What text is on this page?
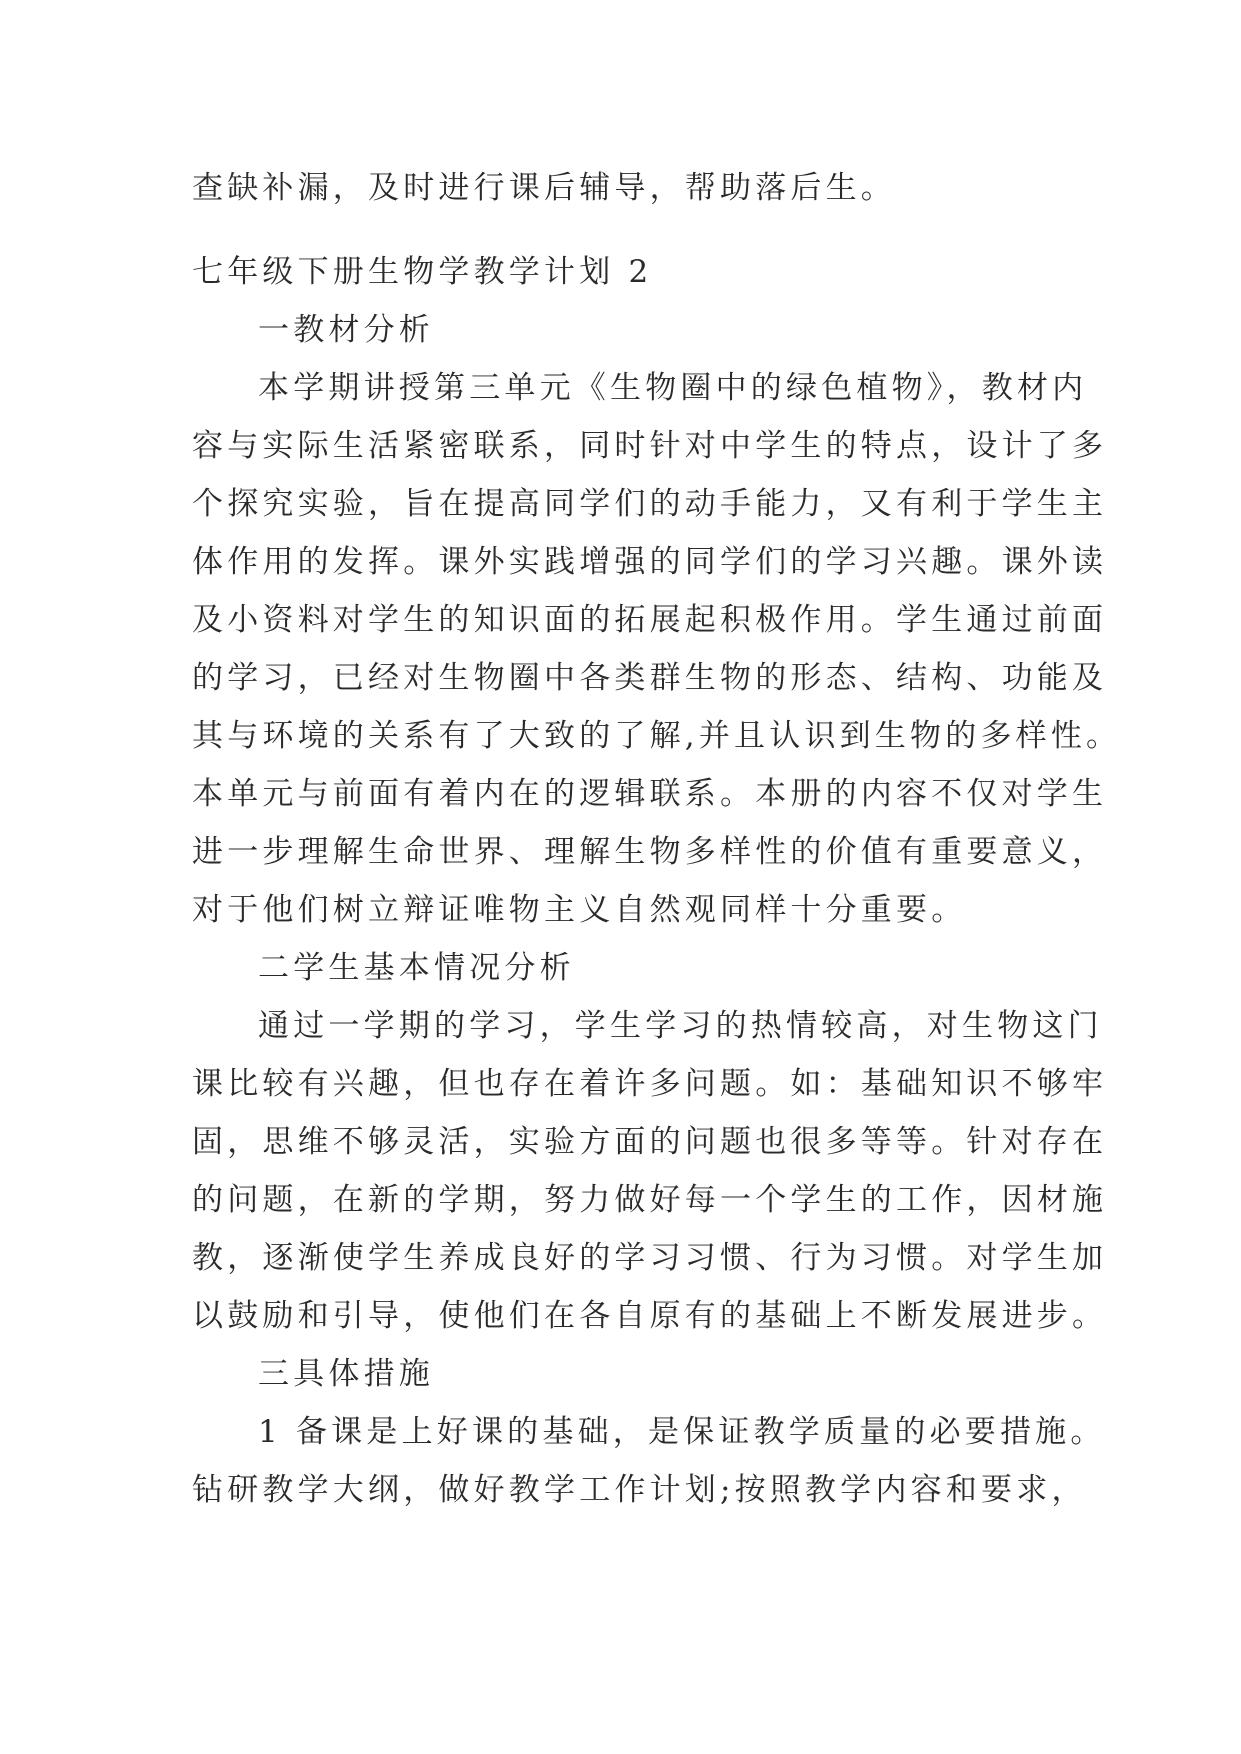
查缺补漏，及时进行课后辅导，帮助落后生。
七年级下册生物学教学计划 2
一教材分析
本学期讲授第三单元《生物圈中的绿色植物》，教材内
容与实际生活紧密联系，同时针对中学生的特点，设计了多
个探究实验，旨在提高同学们的动手能力，又有利于学生主
体作用的发挥。课外实践增强的同学们的学习兴趣。课外读
及小资料对学生的知识面的拓展起积极作用。学生通过前面
的学习，已经对生物圈中各类群生物的形态、结构、功能及
其与环境的关系有了大致的了解,并且认识到生物的多样性。
本单元与前面有着内在的逻辑联系。本册的内容不仅对学生
进一步理解生命世界、理解生物多样性的价值有重要意义，
对于他们树立辩证唯物主义自然观同样十分重要。
二学生基本情况分析
通过一学期的学习，学生学习的热情较高，对生物这门
课比较有兴趣，但也存在着许多问题。如：基础知识不够牢
固，思维不够灵活，实验方面的问题也很多等等。针对存在
的问题，在新的学期，努力做好每一个学生的工作，因材施
教，逐渐使学生养成良好的学习习惯、行为习惯。对学生加
以鼓励和引导，使他们在各自原有的基础上不断发展进步。
三具体措施
1 备课是上好课的基础，是保证教学质量的必要措施。
钻研教学大纲，做好教学工作计划;按照教学内容和要求，
